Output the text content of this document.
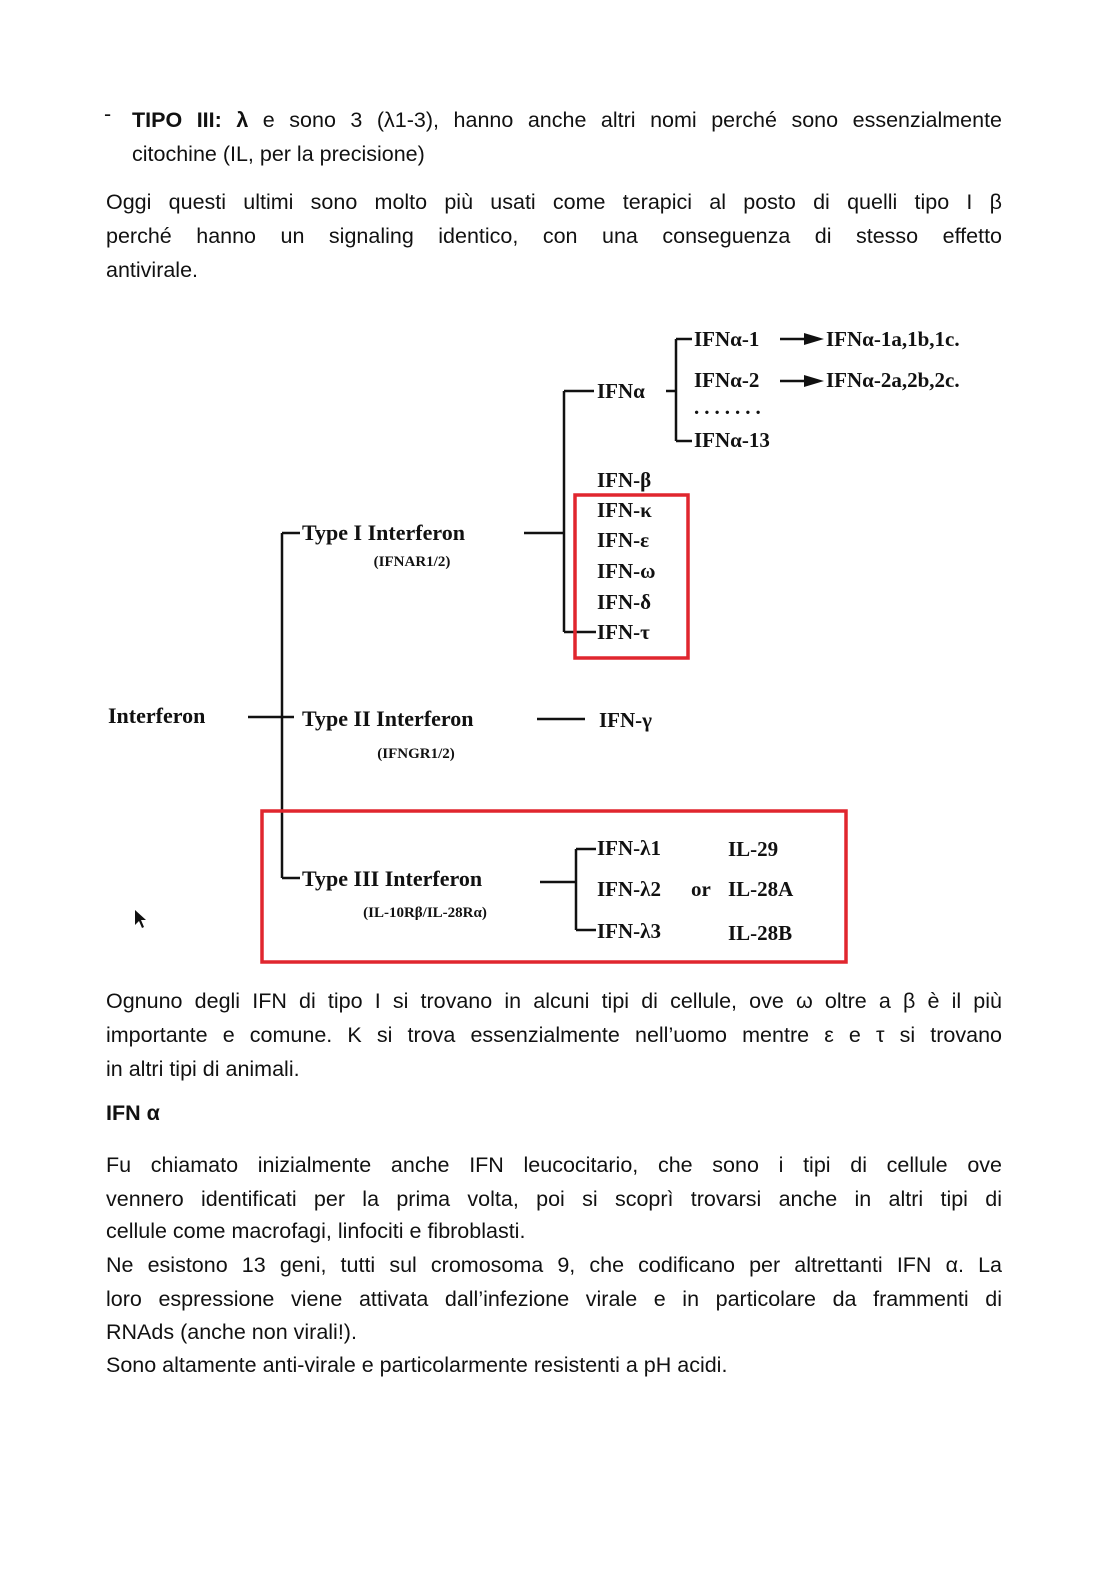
- TIPO III: λ e sono 3 (λ1-3), hanno anche altri nomi perché sono essenzialmente

citochine (IL, per la precisione)

Oggi questi ultimi sono molto più usati come terapici al posto di quelli tipo I β

perché hanno un signaling identico, con una conseguenza di stesso effetto

antivirale.

Interferon
Type I Interferon
(IFNAR1/2)
Type II Interferon
(IFNGR1/2)
Type III Interferon
(IL-10Rβ/IL-28Rα)
IFNα
IFNα-1	IFNα-1a,1b,1c.
IFNα-2	IFNα-2a,2b,2c.
.......
IFNα-13
IFN-β
IFN-κ
IFN-ε
IFN-ω
IFN-δ
IFN-τ
IFN-γ
IFN-λ1	IL-29
IFN-λ2 or IL-28A
IFN-λ3	IL-28B

Ognuno degli IFN di tipo I si trovano in alcuni tipi di cellule, ove ω oltre a β è il più

importante e comune. K si trova essenzialmente nell’uomo mentre ε e τ si trovano

in altri tipi di animali.

IFN α

Fu chiamato inizialmente anche IFN leucocitario, che sono i tipi di cellule ove

vennero identificati per la prima volta, poi si scoprì trovarsi anche in altri tipi di

cellule come macrofagi, linfociti e fibroblasti.

Ne esistono 13 geni, tutti sul cromosoma 9, che codificano per altrettanti IFN α. La

loro espressione viene attivata dall’infezione virale e in particolare da frammenti di

RNAds (anche non virali!).

Sono altamente anti-virale e particolarmente resistenti a pH acidi.
